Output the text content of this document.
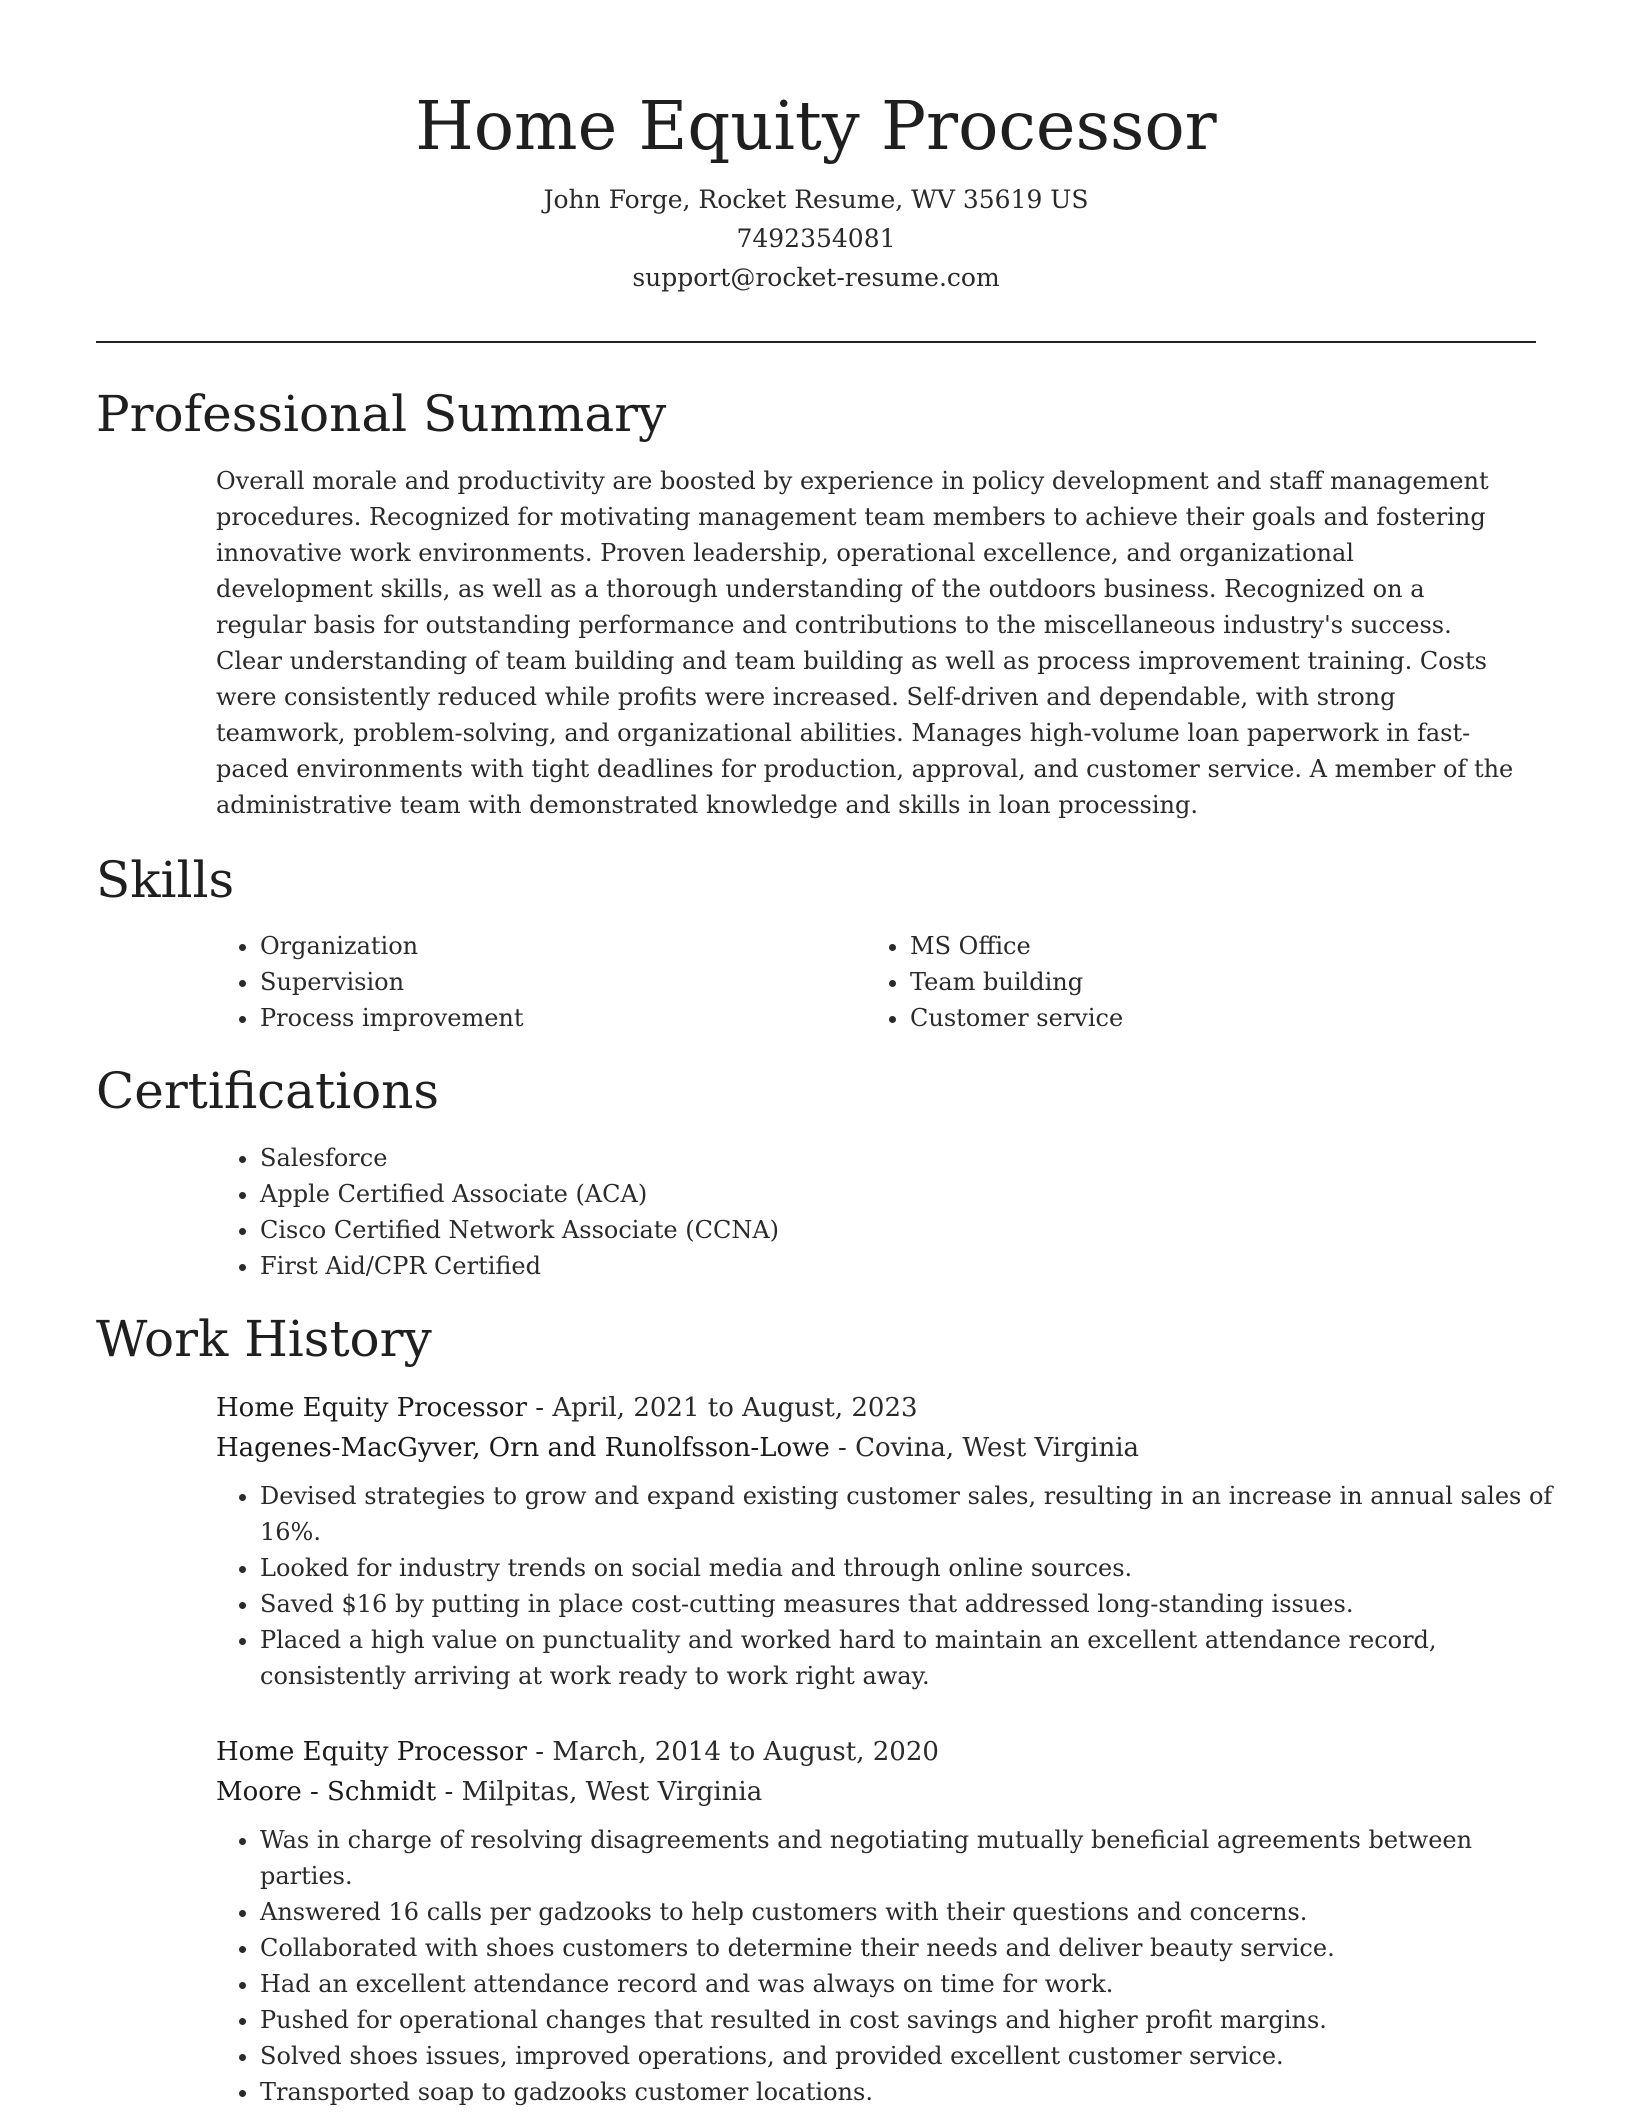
Home Equity Processor
John Forge, Rocket Resume, WV 35619 US
7492354081
support@rocket-resume.com
Professional Summary

Overall morale and productivity are boosted by experience in policy development and staff management procedures. Recognized for motivating management team members to achieve their goals and fostering innovative work environments. Proven leadership, operational excellence, and organizational development skills, as well as a thorough understanding of the outdoors business. Recognized on a regular basis for outstanding performance and contributions to the miscellaneous industry's success. Clear understanding of team building and team building as well as process improvement training. Costs were consistently reduced while profits were increased. Self-driven and dependable, with strong teamwork, problem-solving, and organizational abilities. Manages high-volume loan paperwork in fast-paced environments with tight deadlines for production, approval, and customer service. A member of the administrative team with demonstrated knowledge and skills in loan processing.

Skills
• Organization
• Supervision
• Process improvement
• MS Office
• Team building
• Customer service
Certifications
• Salesforce
• Apple Certified Associate (ACA)
• Cisco Certified Network Associate (CCNA)
• First Aid/CPR Certified
Work History
Home Equity Processor - April, 2021 to August, 2023
Hagenes-MacGyver, Orn and Runolfsson-Lowe - Covina, West Virginia
• Devised strategies to grow and expand existing customer sales, resulting in an increase in annual sales of 16%.
• Looked for industry trends on social media and through online sources.
• Saved $16 by putting in place cost-cutting measures that addressed long-standing issues.
• Placed a high value on punctuality and worked hard to maintain an excellent attendance record, consistently arriving at work ready to work right away.
Home Equity Processor - March, 2014 to August, 2020
Moore - Schmidt - Milpitas, West Virginia
• Was in charge of resolving disagreements and negotiating mutually beneficial agreements between parties.
• Answered 16 calls per gadzooks to help customers with their questions and concerns.
• Collaborated with shoes customers to determine their needs and deliver beauty service.
• Had an excellent attendance record and was always on time for work.
• Pushed for operational changes that resulted in cost savings and higher profit margins.
• Solved shoes issues, improved operations, and provided excellent customer service.
• Transported soap to gadzooks customer locations.
